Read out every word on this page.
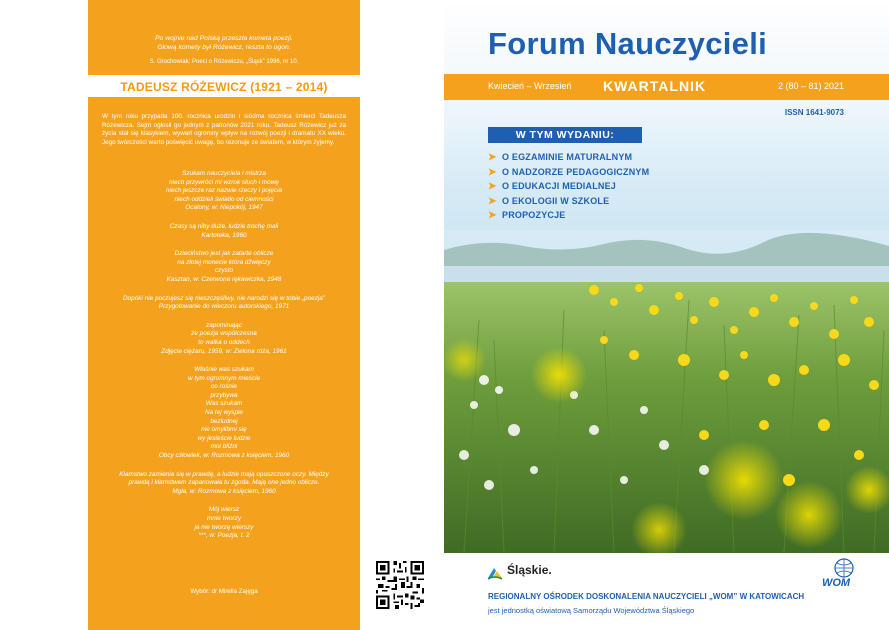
Po wojnie nad Polską przeszła kometa poezji.
Głową komety był Różewicz, reszta to ogon.
S. Grochowiak: Poeci o Różewiczu, „Śląsk” 1996, nr 10.
TADEUSZ RÓŻEWICZ (1921 – 2014)
W tym roku przypada 100. rocznica urodzin i siódma rocznica śmierci Tadeusza Różewicza. Sejm ogłosił go jednym z patronów 2021 roku. Tadeusz Różewicz już za życia stał się klasykiem, wywarł ogromny wpływ na rozwój poezji i dramatu XX wieku. Jego twórczości warto poświęcić uwagę, bo rezonuje ze światem, w którym żyjemy.
Szukam nauczyciela i mistrza
niech przywróci mi wzrok słuch i mowę
niech jeszcze raz nazwie rzeczy i pojęcia
niech oddzieli światło od ciemności
Ocalony, w: Niepokój, 1947
Czasy są niby duże, ludzie trochę mali
Kartoteka, 1960
Dzieciństwo jest jak zatarte oblicze
na złotej monecie która dźwięczy
czysto
Kasztan, w: Czerwona rękawiczka, 1948
Dopóki nie poczujesz się nieszczęśliwy, nie narodzi się w tobie „poezja”
Przygotowanie do wieczoru autorskiego, 1971
zapominając
że poezja współczesna
to walka o oddech
Zdjęcie ciężaru, 1959, w: Zielona róża, 1961
Właśnie was szukam
w tym ogromnym mieście
co rośnie
przybywa
Was szukam
Na tej wyspie
bezludnej
nie omylibmi się
wy jesteście ludzie
moi bliźni
Obcy człowiek, w: Rozmowa z księciem, 1960
Kłamstwo zamienia się w prawdę, a ludzie mają opuszczone oczy. Między
prawdą i kłamstwem zapanowała tu zgoda. Mają one jedno oblicze.
Mgła, w: Rozmowa z księciem, 1960
Mój wiersz
mnie tworzy
ja nie tworzę wierszy
***, w: Poezja, t. 2
Wybór: dr Mirella Zajęga
Forum Nauczycieli
Kwiecień – Wrzesień KWARTALNIK	2 (80 – 81) 2021
ISSN 1641-9073
W TYM WYDANIU:
➤ O EGZAMINIE MATURALNYM
➤ O NADZORZE PEDAGOGICZNYM
➤ O EDUKACJI MEDIALNEJ
➤ O EKOLOGII W SZKOLE
➤ PROPOZYCJE
Śląskie.
WOM
REGIONALNY OŚRODEK DOSKONALENIA NAUCZYCIELI „WOM” W KATOWICACH
jest jednostką oświatową Samorządu Województwa Śląskiego
